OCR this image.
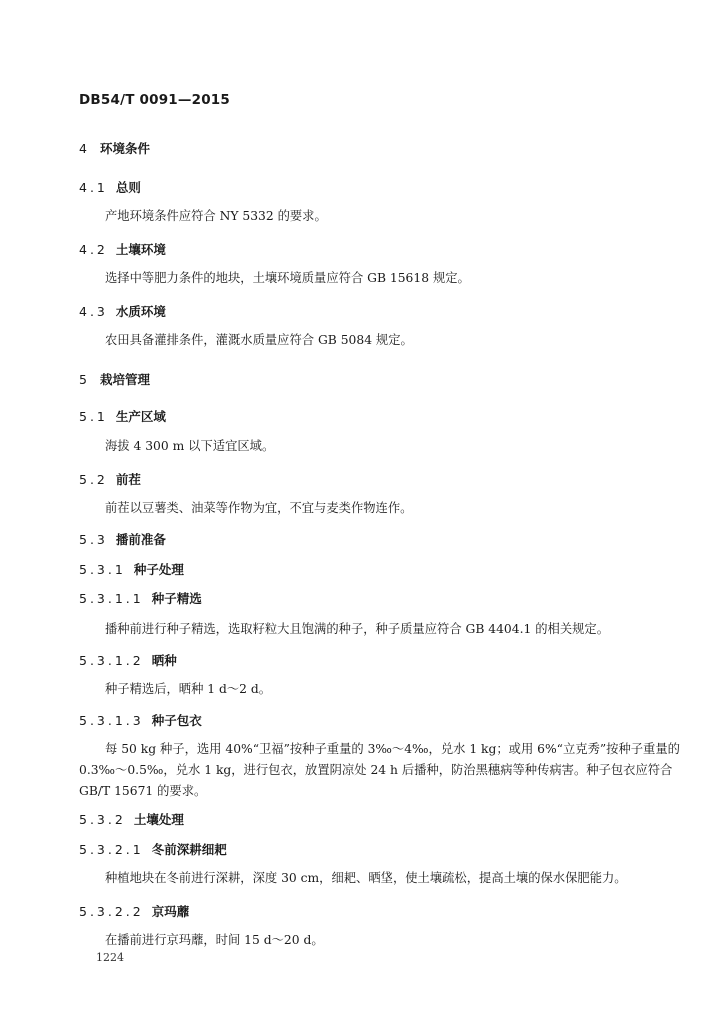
DB54/T 0091—2015
4 环境条件
4.1 总则
产地环境条件应符合 NY 5332 的要求。
4.2 土壤环境
选择中等肥力条件的地块，土壤环境质量应符合 GB 15618 规定。
4.3 水质环境
农田具备灌排条件，灌溉水质量应符合 GB 5084 规定。
5 栽培管理
5.1 生产区域
海拔 4 300 m 以下适宜区域。
5.2 前茬
前茬以豆薯类、油菜等作物为宜，不宜与麦类作物连作。
5.3 播前准备
5.3.1 种子处理
5.3.1.1 种子精选
播种前进行种子精选，选取籽粒大且饱满的种子，种子质量应符合 GB 4404.1 的相关规定。
5.3.1.2 晒种
种子精选后，晒种 1 d～2 d。
5.3.1.3 种子包衣
每 50 kg 种子，选用 40%“卫福”按种子重量的 3‰～4‰，兑水 1 kg；或用 6%“立克秀”按种子重量的
0.3‰～0.5‰，兑水 1 kg，进行包衣，放置阴凉处 24 h 后播种，防治黑穗病等种传病害。种子包衣应符合
GB/T 15671 的要求。
5.3.2 土壤处理
5.3.2.1 冬前深耕细耙
种植地块在冬前进行深耕，深度 30 cm，细耙、晒垡，使土壤疏松，提高土壤的保水保肥能力。
5.3.2.2 京玛蘼
在播前进行京玛蘼，时间 15 d～20 d。
1224
